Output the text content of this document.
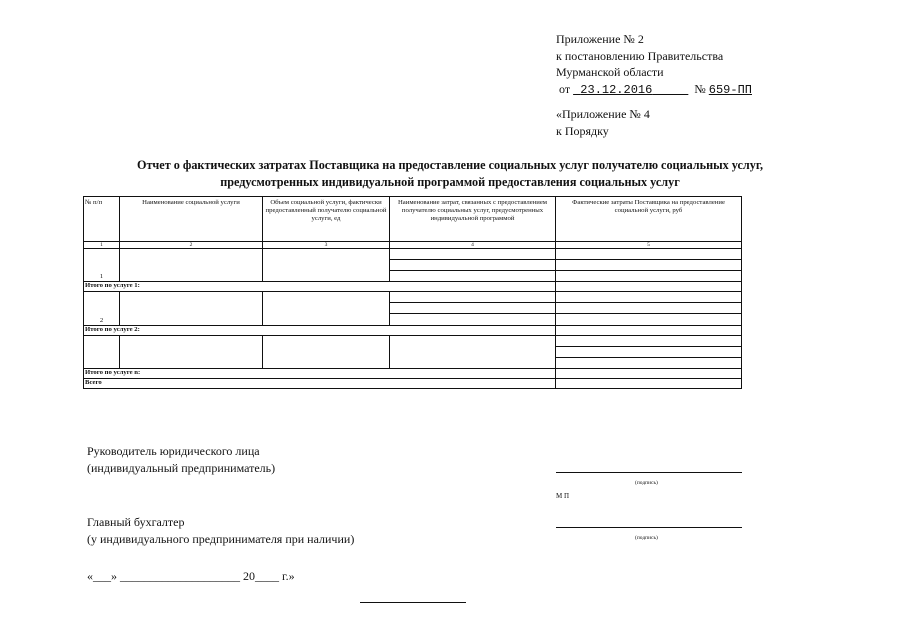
Приложение № 2
к постановлению Правительства
Мурманской области
от 23.12.2016	№ 659-ПП
«Приложение № 4
к Порядку
Отчет о фактических затратах Поставщика на предоставление социальных услуг получателю социальных услуг,
предусмотренных индивидуальной программой предоставления социальных услуг
№ п/п	Наименование социальной услуги	Объем социальной услуги, фактически предоставленный получателю социальной услуги, ед	Наименование затрат, связанных с предоставлением получателю социальных услуг, предусмотренных индивидуальной программой	Фактические затраты Поставщика на предоставление социальной услуги, руб
1	2	3	4	5
1			

Итого по услуге 1:				
2			

Итого по услуге 2:				

Итого по услуге n:				
Всего				
Руководитель юридического лица
(индивидуальный предприниматель)
(подпись)
М П
Главный бухгалтер
(у индивидуального предпринимателя при наличии)	(подпись)
«___» ____________________ 20____ г.»
